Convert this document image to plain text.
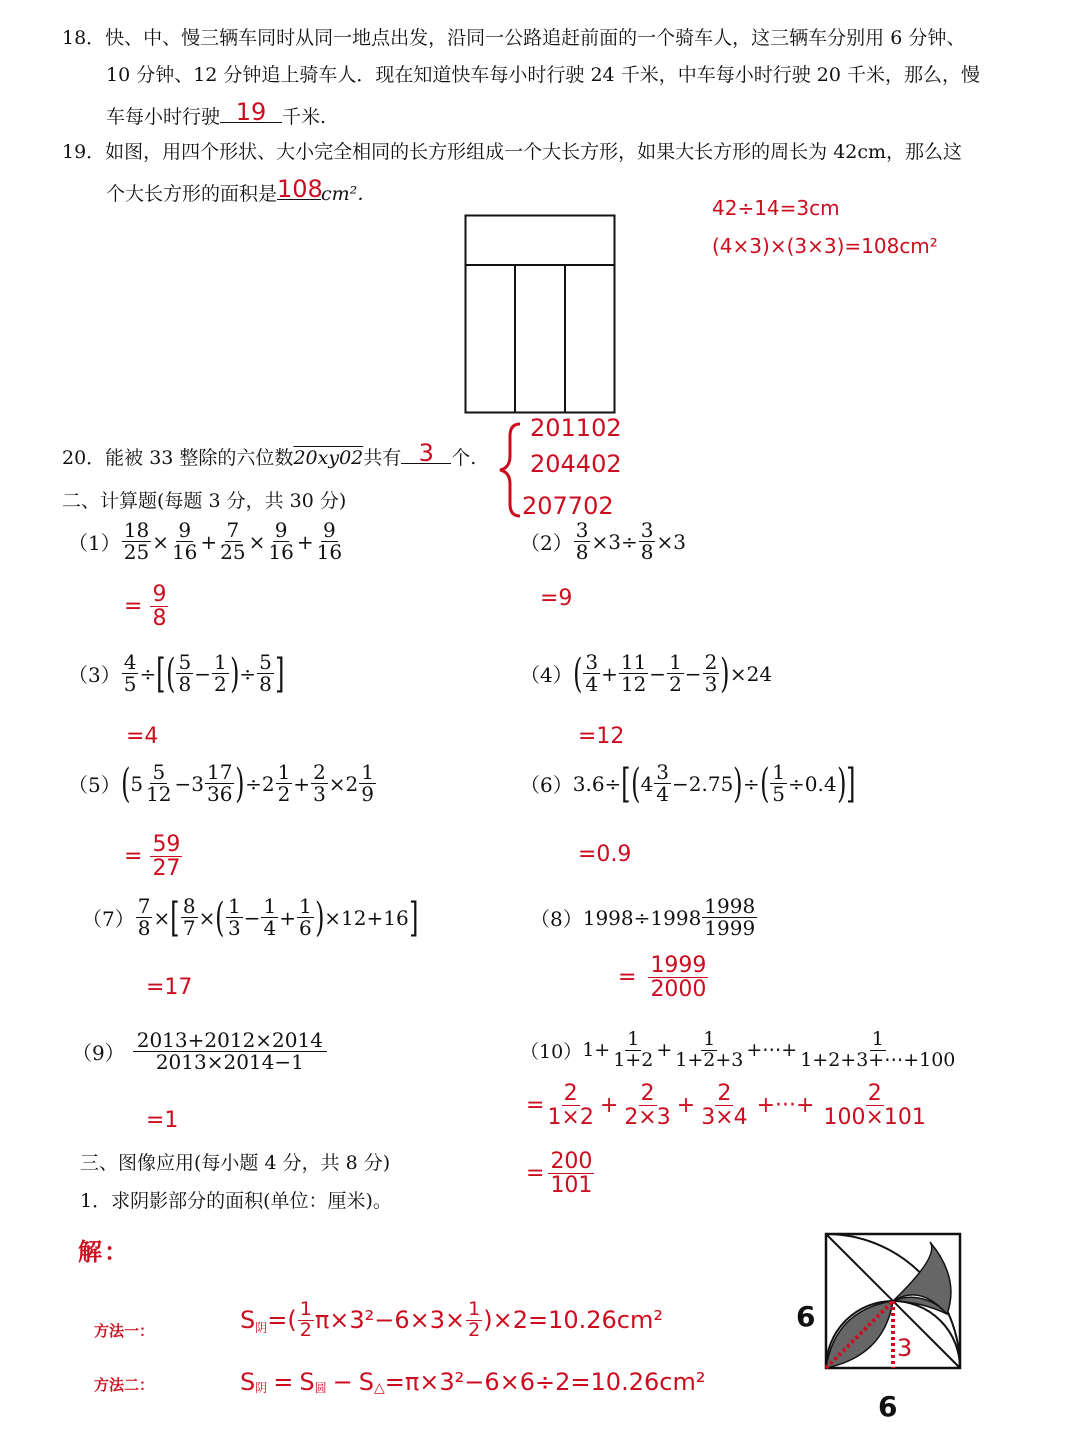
18．快、中、慢三辆车同时从同一地点出发，沿同一公路追赶前面的一个骑车人，这三辆车分别用 6 分钟、
10 分钟、12 分钟追上骑车人．现在知道快车每小时行驶 24 千米，中车每小时行驶 20 千米，那么，慢
车每小时行驶 19 千米.
19．如图，用四个形状、大小完全相同的长方形组成一个大长方形，如果大长方形的周长为 42cm，那么这
个大长方形的面积是 108
cm²．
42÷14=3cm
(4×3)×(3×3)=108cm²
20．能被 33 整除的六位数20xy02共有 3 个.
201102
204402
207702
二、计算题(每题 3 分，共 30 分)
$(1) \frac{18}{25} \times \frac{9}{16} + \frac{7}{25} \times \frac{9}{16} + \frac{9}{16}$
= $\frac{9}{8}$
$(2) \frac{3}{8} \times 3\div \frac{3}{8} \times 3$
=9
$(3) \frac{4}{5}$ ÷ [ ( $\frac{5}{8} - \frac{1}{2}$ ) ÷ $\frac{5}{8}$ ]
=4
（4） ( $\frac{3}{4} + \frac{11}{12} - \frac{1}{2} - \frac{2}{3}$ ) ×24
=12
（5） ( $5 \frac{5}{12} -3 \frac{17}{36}$ ) $\div 2 \frac{1}{2} + \frac{2}{3} \times 2 \frac{1}{9}$
= $\frac{59}{27}$
（6） 3.6÷ [ ( $4 \frac{3}{4} -2.75$ ) ÷ ( $\frac{1}{5} \div 0.4$ ) ]
=0.9
$(7) \frac{7}{8}$ × [ $\frac{8}{7}$ × ( $\frac{1}{3} - \frac{1}{4} + \frac{1}{6}$ ) ×12+16 ]
=17
（8） $1998\div 1998 \frac{1998}{1999}$
= $\frac{1999}{2000}$
$(9) \frac{2013+2012\times 2014}{2013\times 2014-1}$
=1
（10） $1+ \frac{1}{1+2} + \frac{1}{1+2+3}$ +⋯+ $\frac{1}{1+2+3+\cdots+100}$
= $\frac{2}{1\times 2} + \frac{2}{2\times 3} + \frac{2}{3\times 4}$ +···+ $\frac{2}{100\times 101}$
= $\frac{200}{101}$
三、图像应用(每小题 4 分，共 8 分)
1．求阴影部分的面积(单位：厘米)。
解：
方法一：	S 阴 =( $\frac{1}{2} \pi\times 3^2-6\times 3\times \frac{1}{2} )\times 2=10.26cm^2$
方法二：	S 阴 = S 圆 − S △ =π×3²−6×6÷2=10.26cm²
6
6
3
